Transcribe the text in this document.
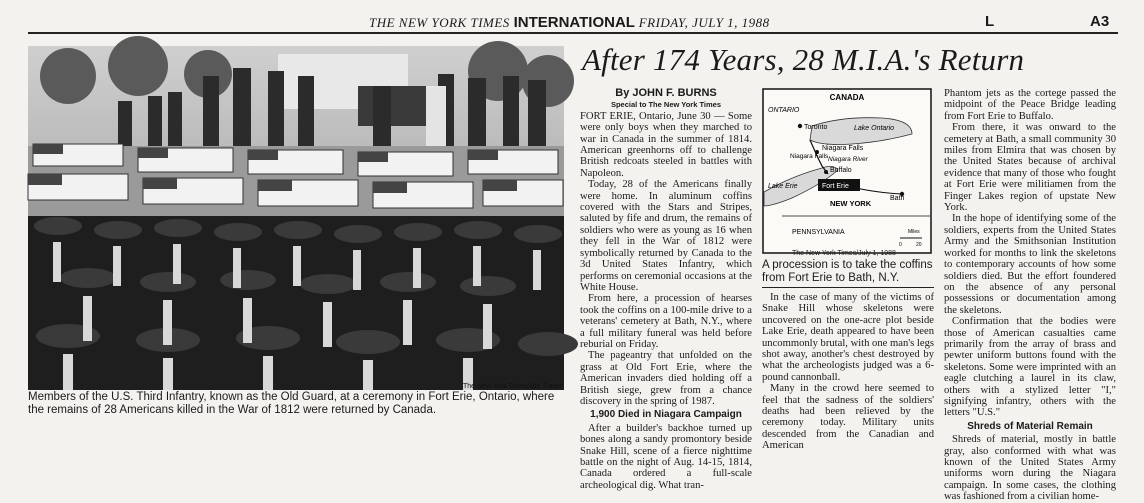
THE NEW YORK TIMES INTERNATIONAL FRIDAY, JULY 1, 1988	L	A3
The New York Times/Joe Traver
Members of the U.S. Third Infantry, known as the Old Guard, at a ceremony in Fort Erie, Ontario, where the remains of 28 Americans killed in the War of 1812 were returned by Canada.
After 174 Years, 28 M.I.A.'s Return

By JOHN F. BURNS

Special to The New York Times

FORT ERIE, Ontario, June 30 — Some were only boys when they marched to war in Canada in the summer of 1814. American greenhorns off to challenge British redcoats steeled in battles with Napoleon.

Today, 28 of the Americans finally were home. In aluminum coffins covered with the Stars and Stripes, saluted by fife and drum, the remains of soldiers who were as young as 16 when they fell in the War of 1812 were symbolically returned by Canada to the 3d United States Infantry, which performs on ceremonial occasions at the White House.

From here, a procession of hearses took the coffins on a 100-mile drive to a veterans' cemetery at Bath, N.Y., where a full military funeral was held before reburial on Friday.

The pageantry that unfolded on the grass at Old Fort Erie, where the American invaders died holding off a British siege, grew from a chance discovery in the spring of 1987.

1,900 Died in Niagara Campaign

After a builder's backhoe turned up bones along a sandy promontory beside Snake Hill, scene of a fierce nighttime battle on the night of Aug. 14-15, 1814, Canada ordered a full-scale archeological dig. What tran-

CANADA
ONTARIO
Toronto	Lake Ontario
Niagara Falls
Niagara Falls Niagara River
Buffalo
Lake Erie	Fort Erie
NEW YORK
Bath
PENNSYLVANIA	Miles
0	20
The New York Times/July 1, 1988
A procession is to take the coffins from Fort Erie to Bath, N.Y.

In the case of many of the victims of Snake Hill whose skeletons were uncovered on the one-acre plot beside Lake Erie, death appeared to have been uncommonly brutal, with one man's legs shot away, another's chest destroyed by what the archeologists judged was a 6-pound cannonball.

Many in the crowd here seemed to feel that the sadness of the soldiers' deaths had been relieved by the ceremony today. Military units descended from the Canadian and American

Phantom jets as the cortege passed the midpoint of the Peace Bridge leading from Fort Erie to Buffalo.

From there, it was onward to the cemetery at Bath, a small community 30 miles from Elmira that was chosen by the United States because of archival evidence that many of those who fought at Fort Erie were militiamen from the Finger Lakes region of upstate New York.

In the hope of identifying some of the soldiers, experts from the United States Army and the Smithsonian Institution worked for months to link the skeletons to contemporary accounts of how some soldiers died. But the effort foundered on the absence of any personal possessions or documentation among the skeletons.

Confirmation that the bodies were those of American casualties came primarily from the array of brass and pewter uniform buttons found with the skeletons. Some were imprinted with an eagle clutching a laurel in its claw, others with a stylized letter "I," signifying infantry, others with the letters "U.S."

Shreds of Material Remain

Shreds of material, mostly in battle gray, also conformed with what was known of the United States Army uniforms worn during the Niagara campaign. In some cases, the clothing was fashioned from a civilian home-
